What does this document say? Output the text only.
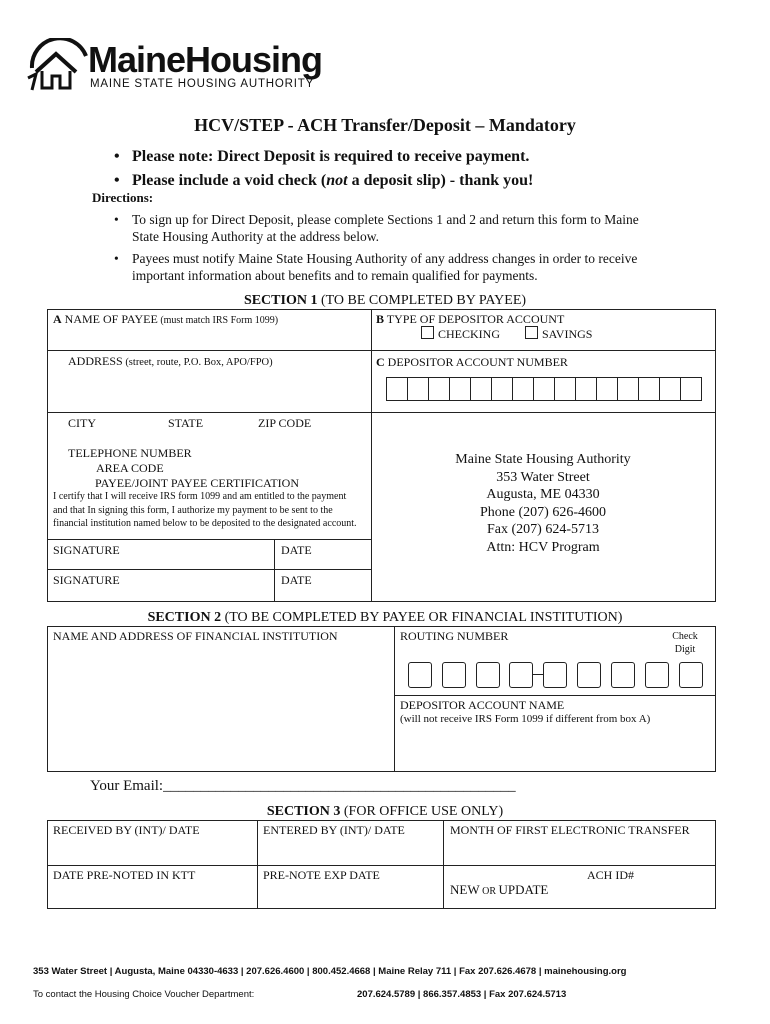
MaineHousing
MAINE STATE HOUSING AUTHORITY
HCV/STEP - ACH Transfer/Deposit – Mandatory
• Please note: Direct Deposit is required to receive payment.
• Please include a void check (not a deposit slip) - thank you!
Directions:
• To sign up for Direct Deposit, please complete Sections 1 and 2 and return this form to Maine State Housing Authority at the address below.
• Payees must notify Maine State Housing Authority of any address changes in order to receive important information about benefits and to remain qualified for payments.
SECTION 1 (TO BE COMPLETED BY PAYEE)
A NAME OF PAYEE (must match IRS Form 1099)	B TYPE OF DEPOSITOR ACCOUNT
CHECKING	SAVINGS
ADDRESS (street, route, P.O. Box, APO/FPO)	C DEPOSITOR ACCOUNT NUMBER
CITY	STATE	ZIP CODE
TELEPHONE NUMBER
AREA CODE
PAYEE/JOINT PAYEE CERTIFICATION
I certify that I will receive IRS form 1099 and am entitled to the payment and that In signing this form, I authorize my payment to be sent to the financial institution named below to be deposited to the designated account.
SIGNATURE	DATE
SIGNATURE	DATE
Maine State Housing Authority
353 Water Street
Augusta, ME 04330
Phone (207) 626-4600
Fax (207) 624-5713
Attn: HCV Program
SECTION 2 (TO BE COMPLETED BY PAYEE OR FINANCIAL INSTITUTION)
NAME AND ADDRESS OF FINANCIAL INSTITUTION	ROUTING NUMBER	Check
Digit
DEPOSITOR ACCOUNT NAME
(will not receive IRS Form 1099 if different from box A)
Your Email:_______________________________________________
SECTION 3 (FOR OFFICE USE ONLY)
RECEIVED BY (INT)/ DATE	ENTERED BY (INT)/ DATE	MONTH OF FIRST ELECTRONIC TRANSFER
DATE PRE-NOTED IN KTT	PRE-NOTE EXP DATE	ACH ID#
NEW OR UPDATE
353 Water Street | Augusta, Maine 04330-4633 | 207.626.4600 | 800.452.4668 | Maine Relay 711 | Fax 207.626.4678 | mainehousing.org
To contact the Housing Choice Voucher Department:	207.624.5789 | 866.357.4853 | Fax 207.624.5713
